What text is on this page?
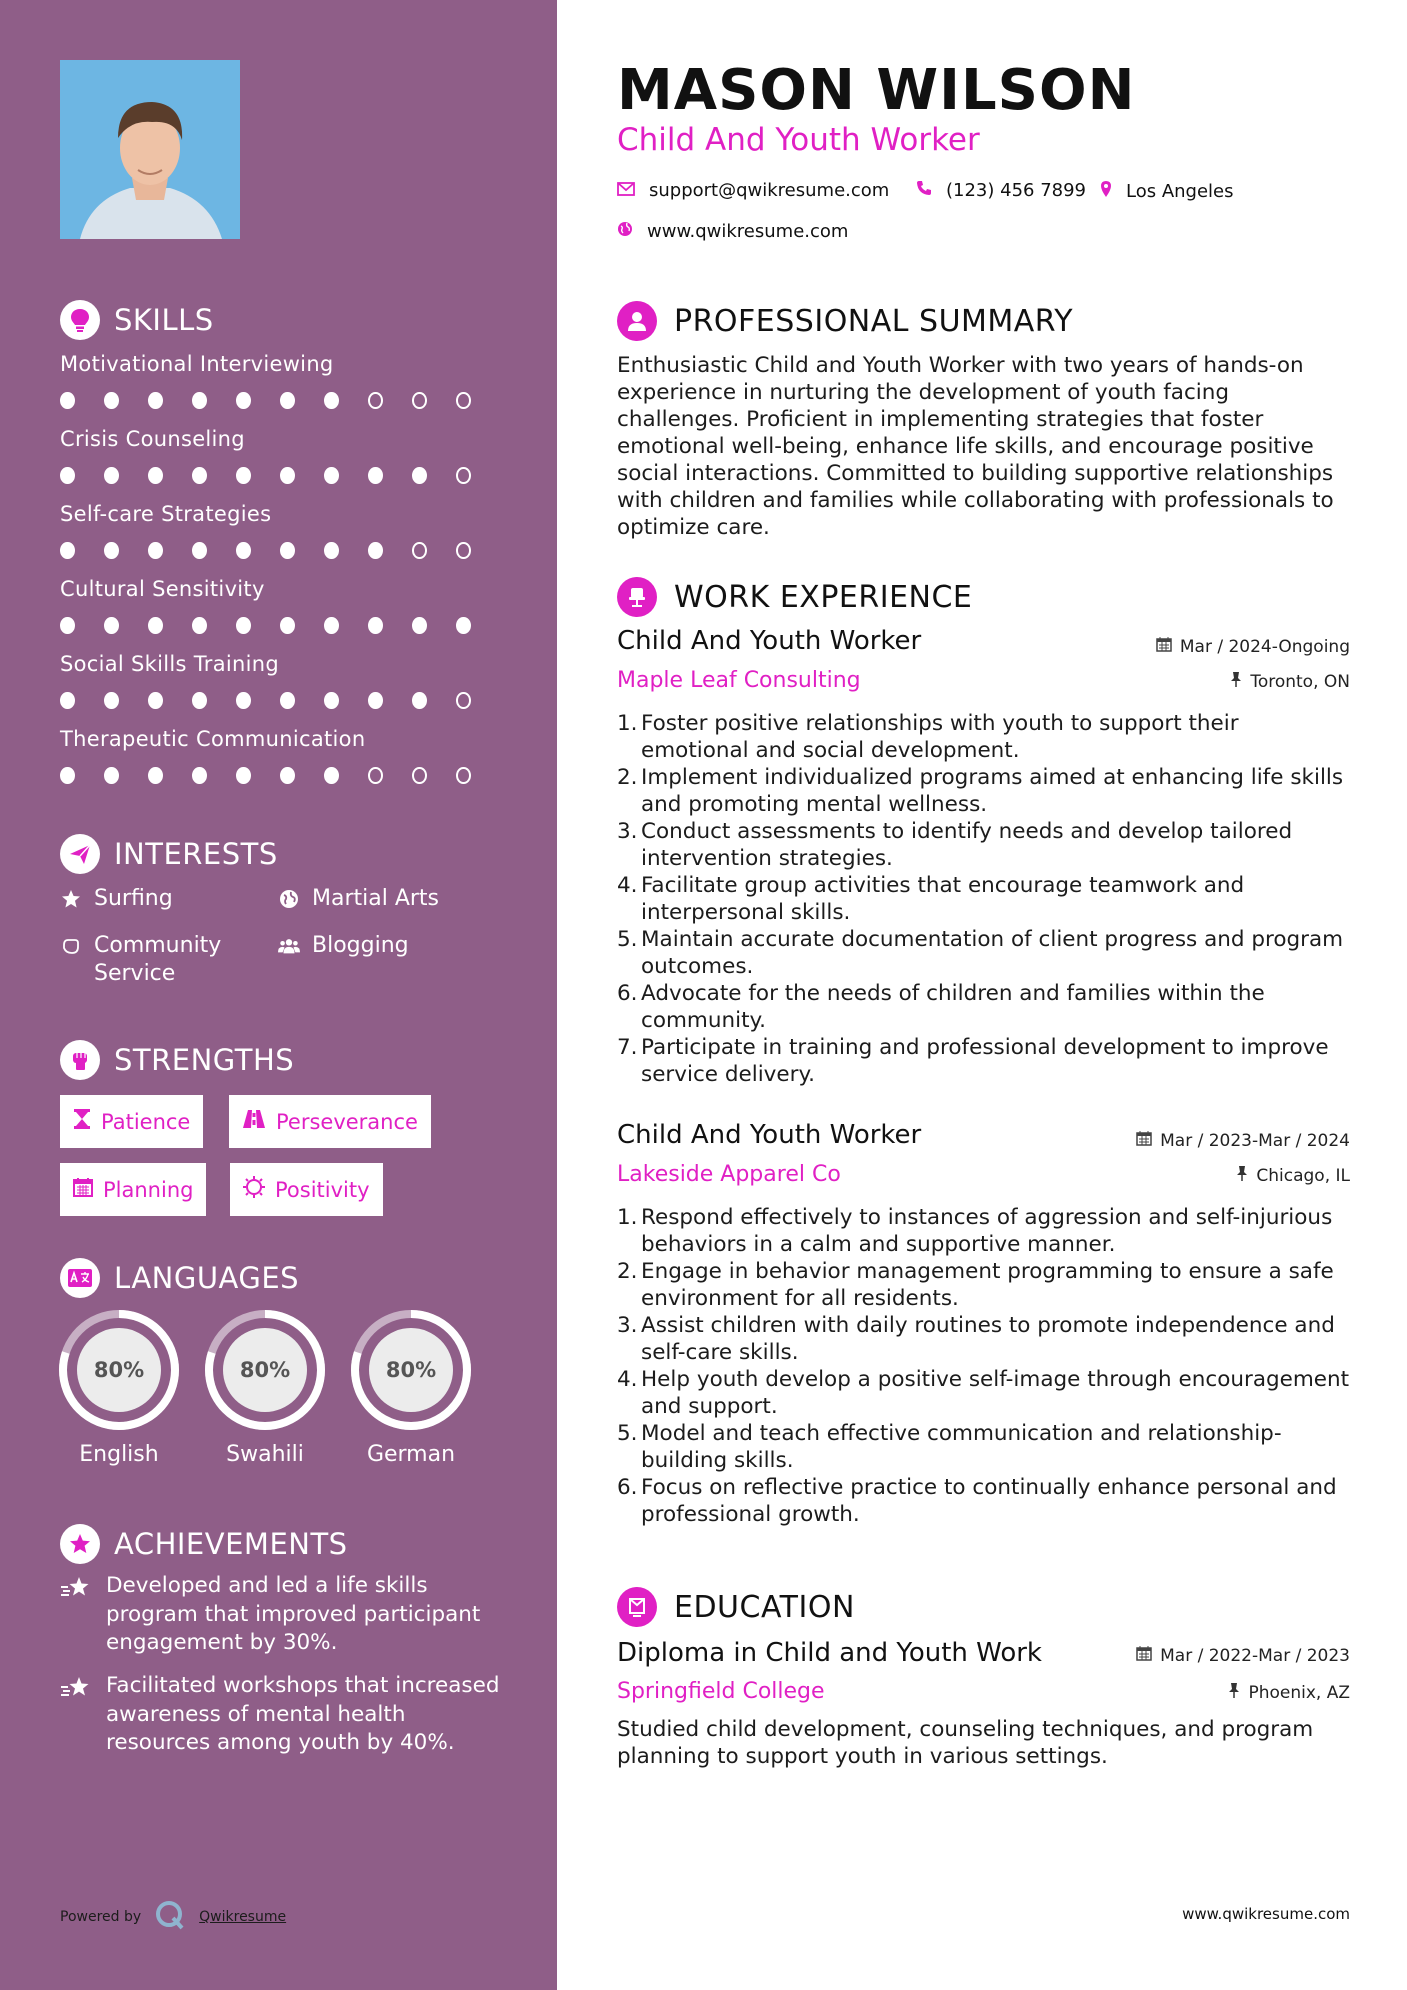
SKILLS
Motivational Interviewing
Crisis Counseling
Self-care Strategies
Cultural Sensitivity
Social Skills Training
Therapeutic Communication
INTERESTS
Surfing	Martial Arts
Community Service
Blogging
STRENGTHS
Patience	Perseverance
Planning	Positivity
LANGUAGES
80%
English
80%
Swahili
80%
German
ACHIEVEMENTS
Developed and led a life skills program that improved participant engagement by 30%.
Facilitated workshops that increased awareness of mental health resources among youth by 40%.
Powered by	Qwikresume
MASON WILSON
Child And Youth Worker
support@qwikresume.com	(123) 456 7899 Los Angeles
www.qwikresume.com
PROFESSIONAL SUMMARY
Enthusiastic Child and Youth Worker with two years of hands-on experience in nurturing the development of youth facing challenges. Proficient in implementing strategies that foster emotional well-being, enhance life skills, and encourage positive social interactions. Committed to building supportive relationships with children and families while collaborating with professionals to optimize care.
WORK EXPERIENCE
Child And Youth Worker	Mar / 2024-Ongoing
Maple Leaf Consulting	Toronto, ON
1. Foster positive relationships with youth to support their emotional and social development.
2. Implement individualized programs aimed at enhancing life skills and promoting mental wellness.
3. Conduct assessments to identify needs and develop tailored intervention strategies.
4. Facilitate group activities that encourage teamwork and interpersonal skills.
5. Maintain accurate documentation of client progress and program outcomes.
6. Advocate for the needs of children and families within the community.
7. Participate in training and professional development to improve service delivery.
Child And Youth Worker	Mar / 2023-Mar / 2024
Lakeside Apparel Co	Chicago, IL
1. Respond effectively to instances of aggression and self-injurious behaviors in a calm and supportive manner.
2. Engage in behavior management programming to ensure a safe environment for all residents.
3. Assist children with daily routines to promote independence and self-care skills.
4. Help youth develop a positive self-image through encouragement and support.
5. Model and teach effective communication and relationship-building skills.
6. Focus on reflective practice to continually enhance personal and professional growth.
EDUCATION
Diploma in Child and Youth Work	Mar / 2022-Mar / 2023
Springfield College	Phoenix, AZ
Studied child development, counseling techniques, and program planning to support youth in various settings.
www.qwikresume.com
